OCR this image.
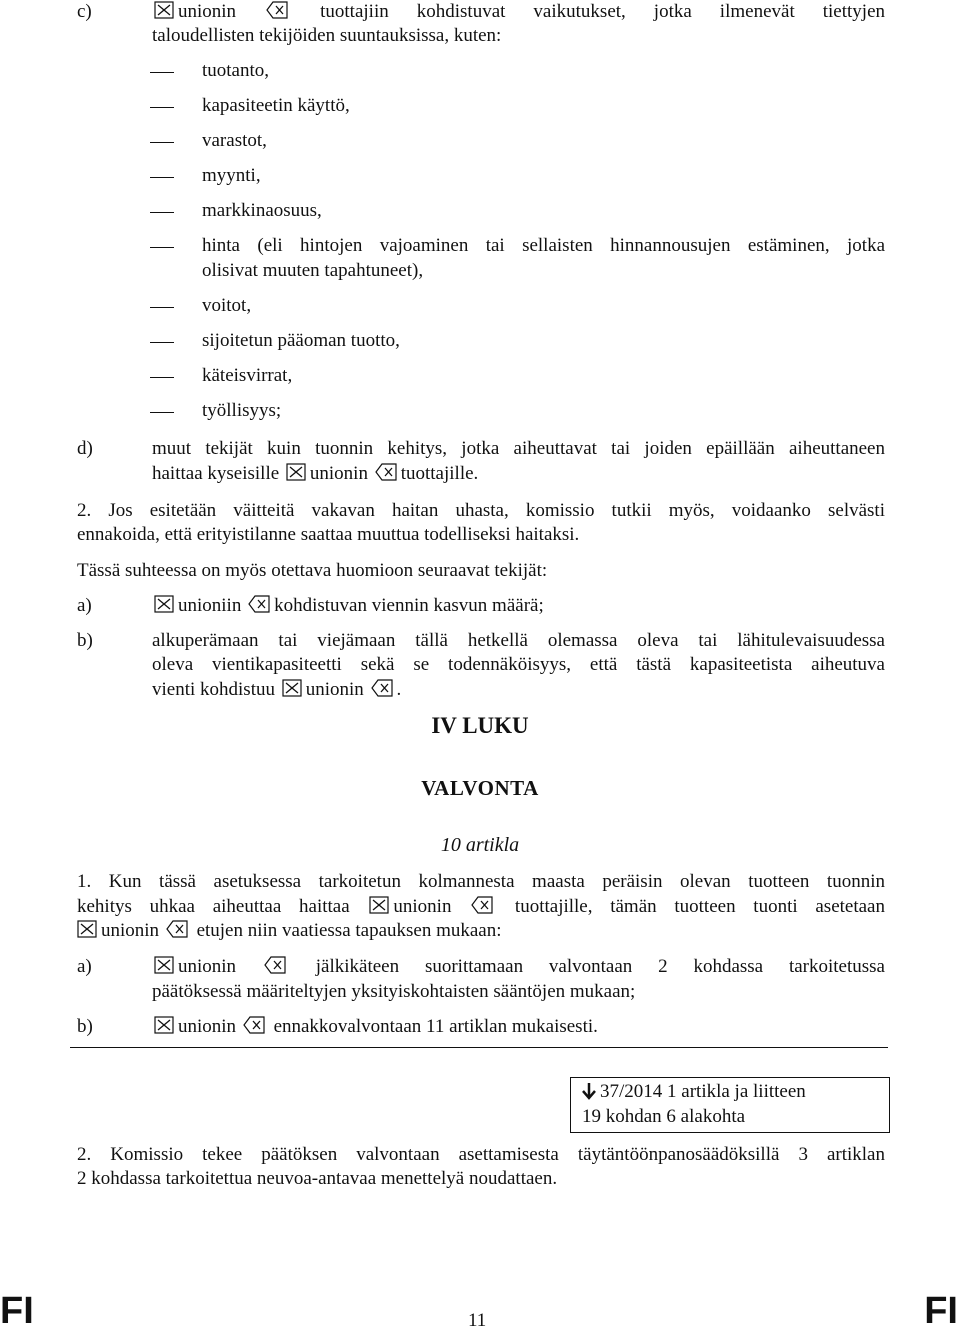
c)	unionin	tuottajiin kohdistuvat vaikutukset, jotka ilmenevät tiettyjen
taloudellisten tekijöiden suuntauksissa, kuten:
tuotanto,
kapasiteetin käyttö,
varastot,
myynti,
markkinaosuus,
hinta (eli hintojen vajoaminen tai sellaisten hinnannousujen estäminen, jotka
olisivat muuten tapahtuneet),
voitot,
sijoitetun pääoman tuotto,
käteisvirrat,
työllisyys;
d)	muut tekijät kuin tuonnin kehitys, jotka aiheuttavat tai joiden epäillään aiheuttaneen
haittaa kyseisille unionin tuottajille.
2. Jos esitetään väitteitä vakavan haitan uhasta, komissio tutkii myös, voidaanko selvästi
ennakoida, että erityistilanne saattaa muuttua todelliseksi haitaksi.
Tässä suhteessa on myös otettava huomioon seuraavat tekijät:
a)	unioniin kohdistuvan viennin kasvun määrä;
b)	alkuperämaan tai viejämaan tällä hetkellä olemassa oleva tai lähitulevaisuudessa
oleva vientikapasiteetti sekä se todennäköisyys, että tästä kapasiteetista aiheutuva
vienti kohdistuu unionin .
IV LUKU
VALVONTA
10 artikla
1. Kun tässä asetuksessa tarkoitetun kolmannesta maasta peräisin olevan tuotteen tuonnin
kehitys uhkaa aiheuttaa haittaa unionin	tuottajille, tämän tuotteen tuonti asetetaan
unionin etujen niin vaatiessa tapauksen mukaan:
a)	unionin	jälkikäteen suorittamaan valvontaan 2 kohdassa tarkoitetussa
päätöksessä määriteltyjen yksityiskohtaisten sääntöjen mukaan;
b)	unionin ennakkovalvontaan 11 artiklan mukaisesti.
37/2014 1 artikla ja liitteen
19 kohdan 6 alakohta
2. Komissio tekee päätöksen valvontaan asettamisesta täytäntöönpanosäädöksillä 3 artiklan
2 kohdassa tarkoitettua neuvoa-antavaa menettelyä noudattaen.
FI	11	FI
